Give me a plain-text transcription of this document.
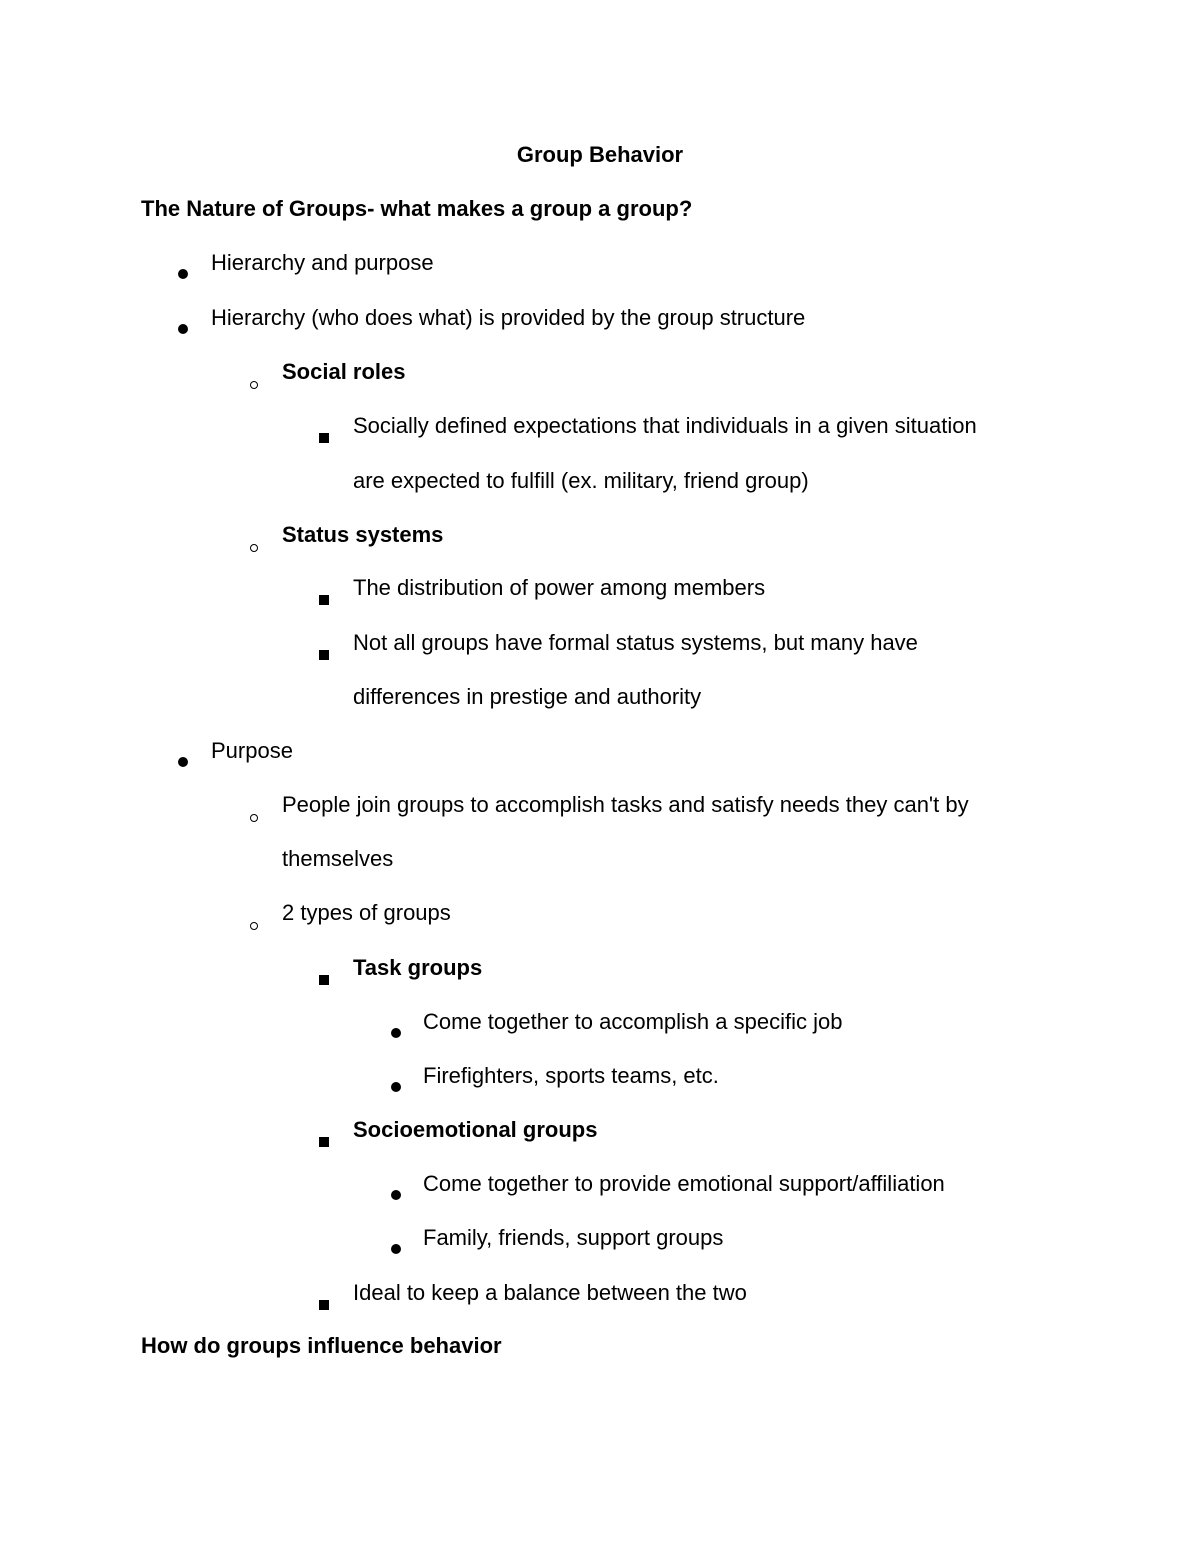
Group Behavior
The Nature of Groups- what makes a group a group?
Hierarchy and purpose
Hierarchy (who does what) is provided by the group structure
Social roles
Socially defined expectations that individuals in a given situation
are expected to fulfill (ex. military, friend group)
Status systems
The distribution of power among members
Not all groups have formal status systems, but many have
differences in prestige and authority
Purpose
People join groups to accomplish tasks and satisfy needs they can't by
themselves
2 types of groups
Task groups
Come together to accomplish a specific job
Firefighters, sports teams, etc.
Socioemotional groups
Come together to provide emotional support/affiliation
Family, friends, support groups
Ideal to keep a balance between the two
How do groups influence behavior
